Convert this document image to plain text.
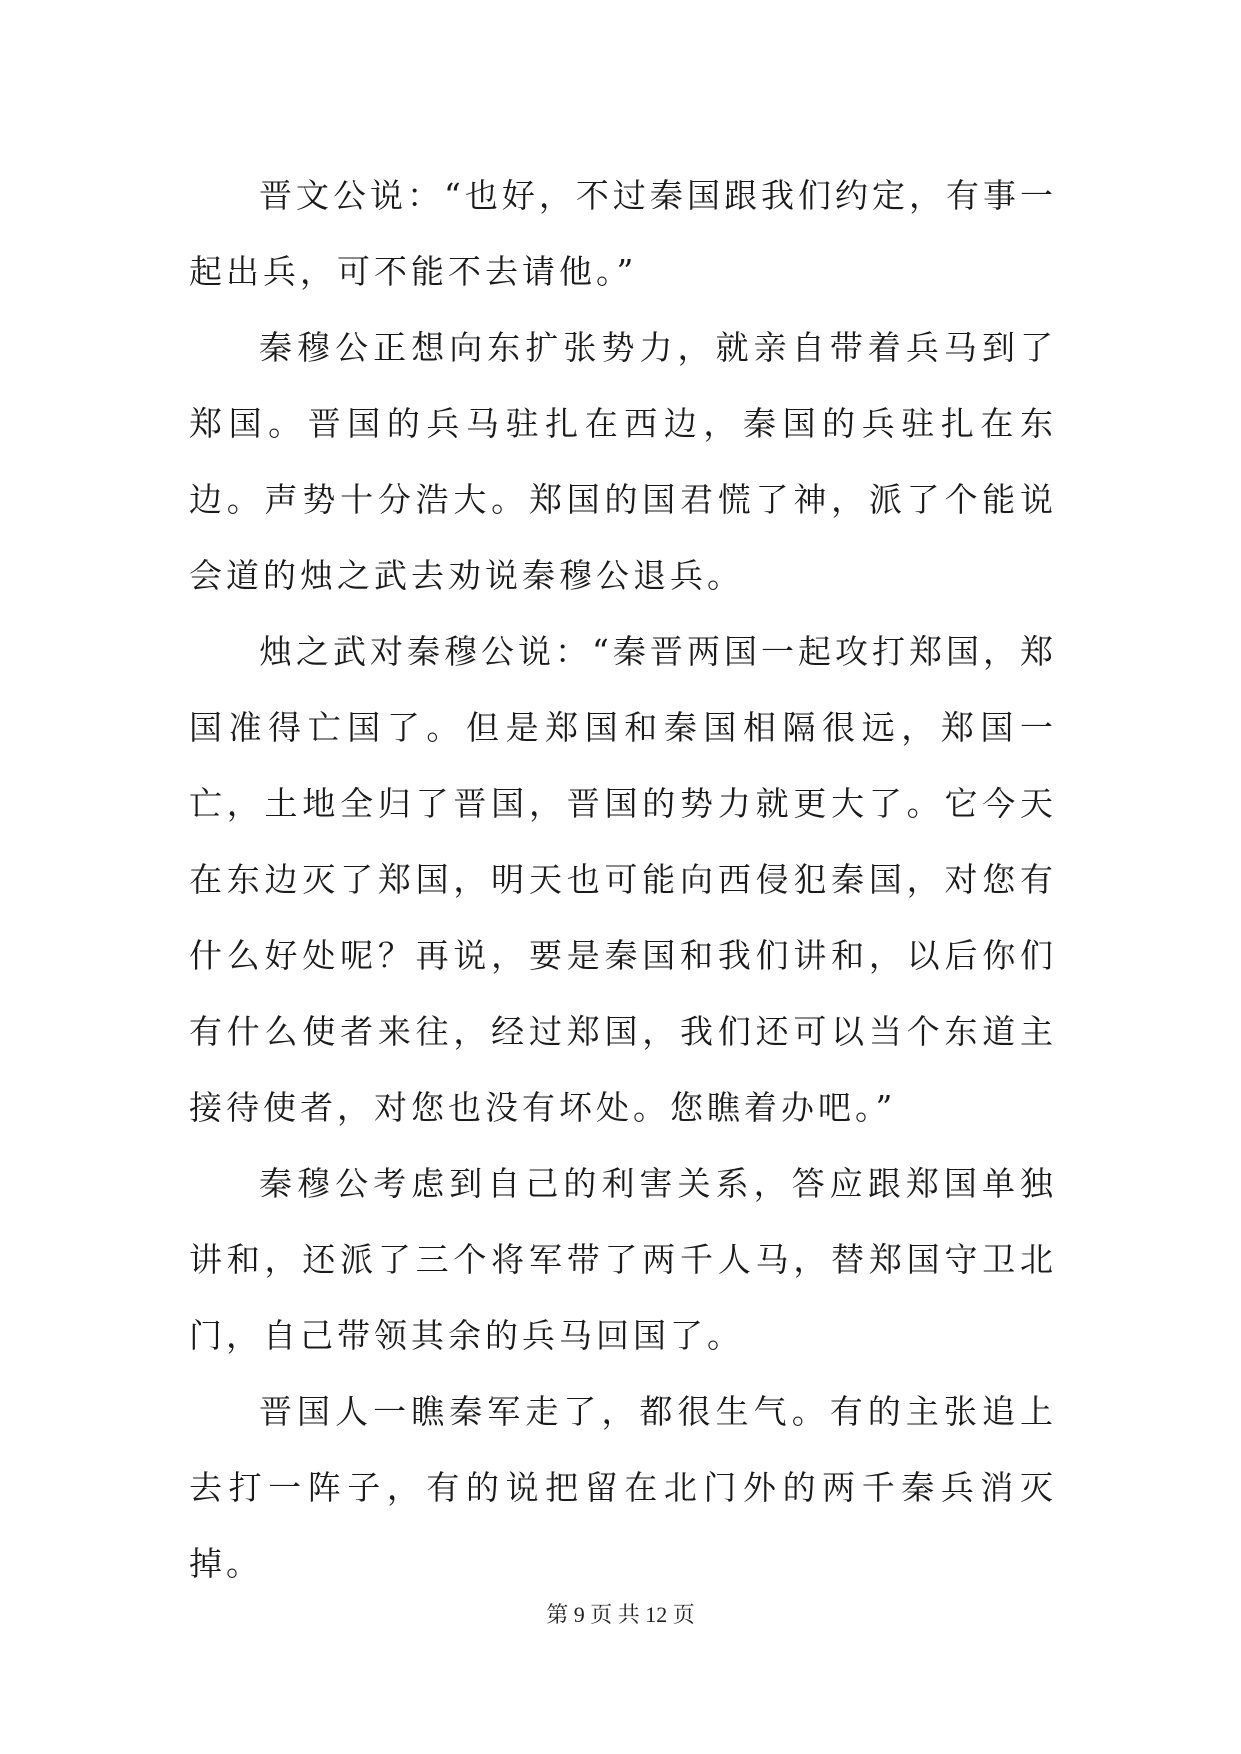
晋文公说：“也好，不过秦国跟我们约定，有事一起出兵，可不能不去请他。”

秦穆公正想向东扩张势力，就亲自带着兵马到了郑国。晋国的兵马驻扎在西边，秦国的兵驻扎在东边。声势十分浩大。郑国的国君慌了神，派了个能说会道的烛之武去劝说秦穆公退兵。

烛之武对秦穆公说：“秦晋两国一起攻打郑国，郑国准得亡国了。但是郑国和秦国相隔很远，郑国一亡，土地全归了晋国，晋国的势力就更大了。它今天在东边灭了郑国，明天也可能向西侵犯秦国，对您有什么好处呢？再说，要是秦国和我们讲和，以后你们有什么使者来往，经过郑国，我们还可以当个东道主接待使者，对您也没有坏处。您瞧着办吧。”

秦穆公考虑到自己的利害关系，答应跟郑国单独讲和，还派了三个将军带了两千人马，替郑国守卫北门，自己带领其余的兵马回国了。

晋国人一瞧秦军走了，都很生气。有的主张追上去打一阵子，有的说把留在北门外的两千秦兵消灭掉。

第 9 页 共 12 页
